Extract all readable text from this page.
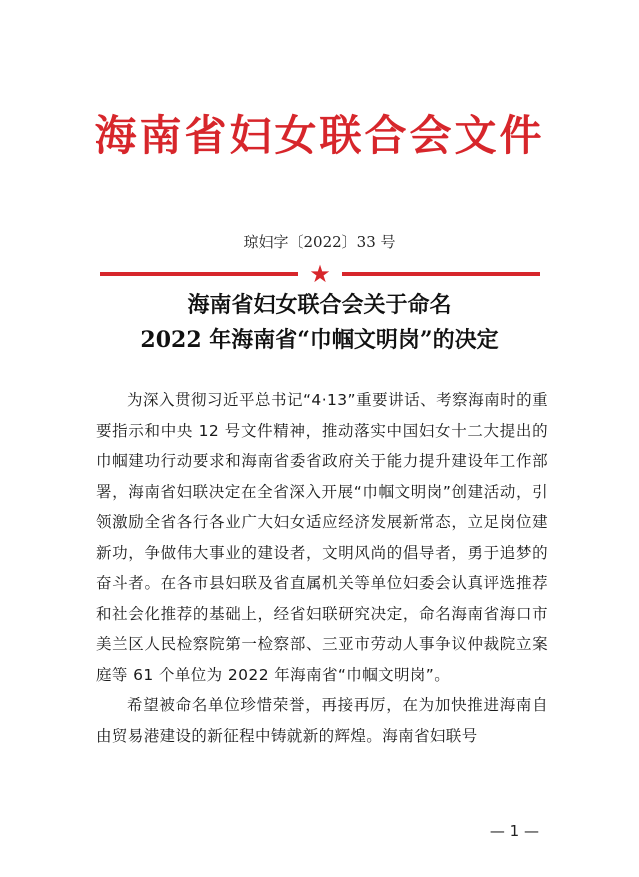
海南省妇女联合会文件
琼妇字〔2022〕33 号
★
海南省妇女联合会关于命名
2022 年海南省“巾帼文明岗”的决定

为深入贯彻习近平总书记“4·13”重要讲话、考察海南时的重要指示和中央 12 号文件精神，推动落实中国妇女十二大提出的巾帼建功行动要求和海南省委省政府关于能力提升建设年工作部署，海南省妇联决定在全省深入开展“巾帼文明岗”创建活动，引领激励全省各行各业广大妇女适应经济发展新常态，立足岗位建新功，争做伟大事业的建设者，文明风尚的倡导者，勇于追梦的奋斗者。在各市县妇联及省直属机关等单位妇委会认真评选推荐和社会化推荐的基础上，经省妇联研究决定，命名海南省海口市美兰区人民检察院第一检察部、三亚市劳动人事争议仲裁院立案庭等 61 个单位为 2022 年海南省“巾帼文明岗”。

希望被命名单位珍惜荣誉，再接再厉，在为加快推进海南自由贸易港建设的新征程中铸就新的辉煌。海南省妇联号

— 1 —
